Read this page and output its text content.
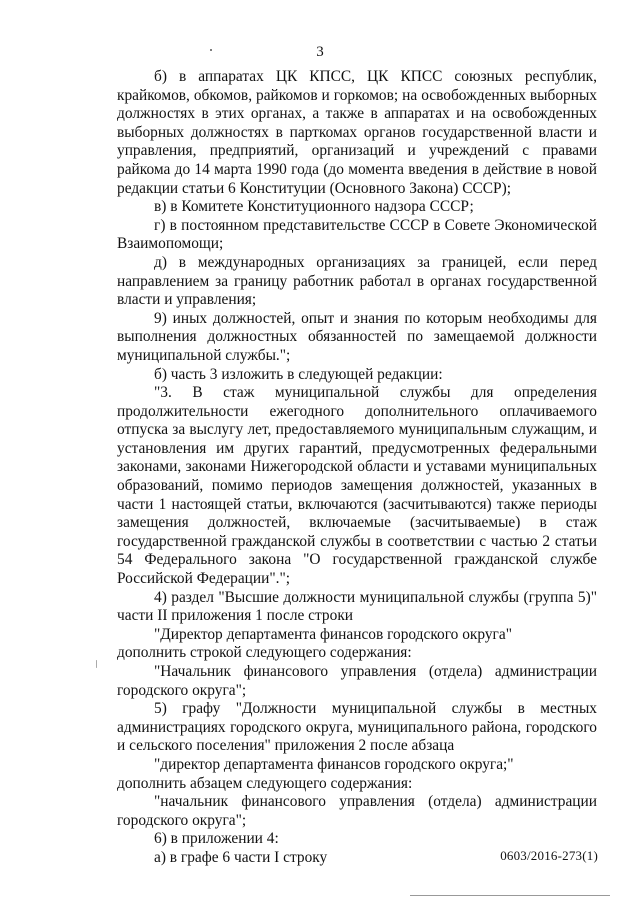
3

б) в аппаратах ЦК КПСС, ЦК КПСС союзных республик, крайкомов, обкомов, райкомов и горкомов; на освобожденных выборных должностях в этих органах, а также в аппаратах и на освобожденных выборных должностях в парткомах органов государственной власти и управления, предприятий, организаций и учреждений с правами райкома до 14 марта 1990 года (до момента введения в действие в новой редакции статьи 6 Конституции (Основного Закона) СССР);

в) в Комитете Конституционного надзора СССР;

г) в постоянном представительстве СССР в Совете Экономической Взаимопомощи;

д) в международных организациях за границей, если перед направлением за границу работник работал в органах государственной власти и управления;

9) иных должностей, опыт и знания по которым необходимы для выполнения должностных обязанностей по замещаемой должности муниципальной службы.";

б) часть 3 изложить в следующей редакции:

"3. В стаж муниципальной службы для определения продолжительности ежегодного дополнительного оплачиваемого отпуска за выслугу лет, предоставляемого муниципальным служащим, и установления им других гарантий, предусмотренных федеральными законами, законами Нижегородской области и уставами муниципальных образований, помимо периодов замещения должностей, указанных в части 1 настоящей статьи, включаются (засчитываются) также периоды замещения должностей, включаемые (засчитываемые) в стаж государственной гражданской службы в соответствии с частью 2 статьи 54 Федерального закона "О государственной гражданской службе Российской Федерации".";

4) раздел "Высшие должности муниципальной службы (группа 5)" части II приложения 1 после строки

"Директор департамента финансов городского округа"

дополнить строкой следующего содержания:

"Начальник финансового управления (отдела) администрации городского округа";

5) графу "Должности муниципальной службы в местных администрациях городского округа, муниципального района, городского и сельского поселения" приложения 2 после абзаца

"директор департамента финансов городского округа;"

дополнить абзацем следующего содержания:

"начальник финансового управления (отдела) администрации городского округа";

6) в приложении 4:

а) в графе 6 части I строку	0603/2016-273(1)
